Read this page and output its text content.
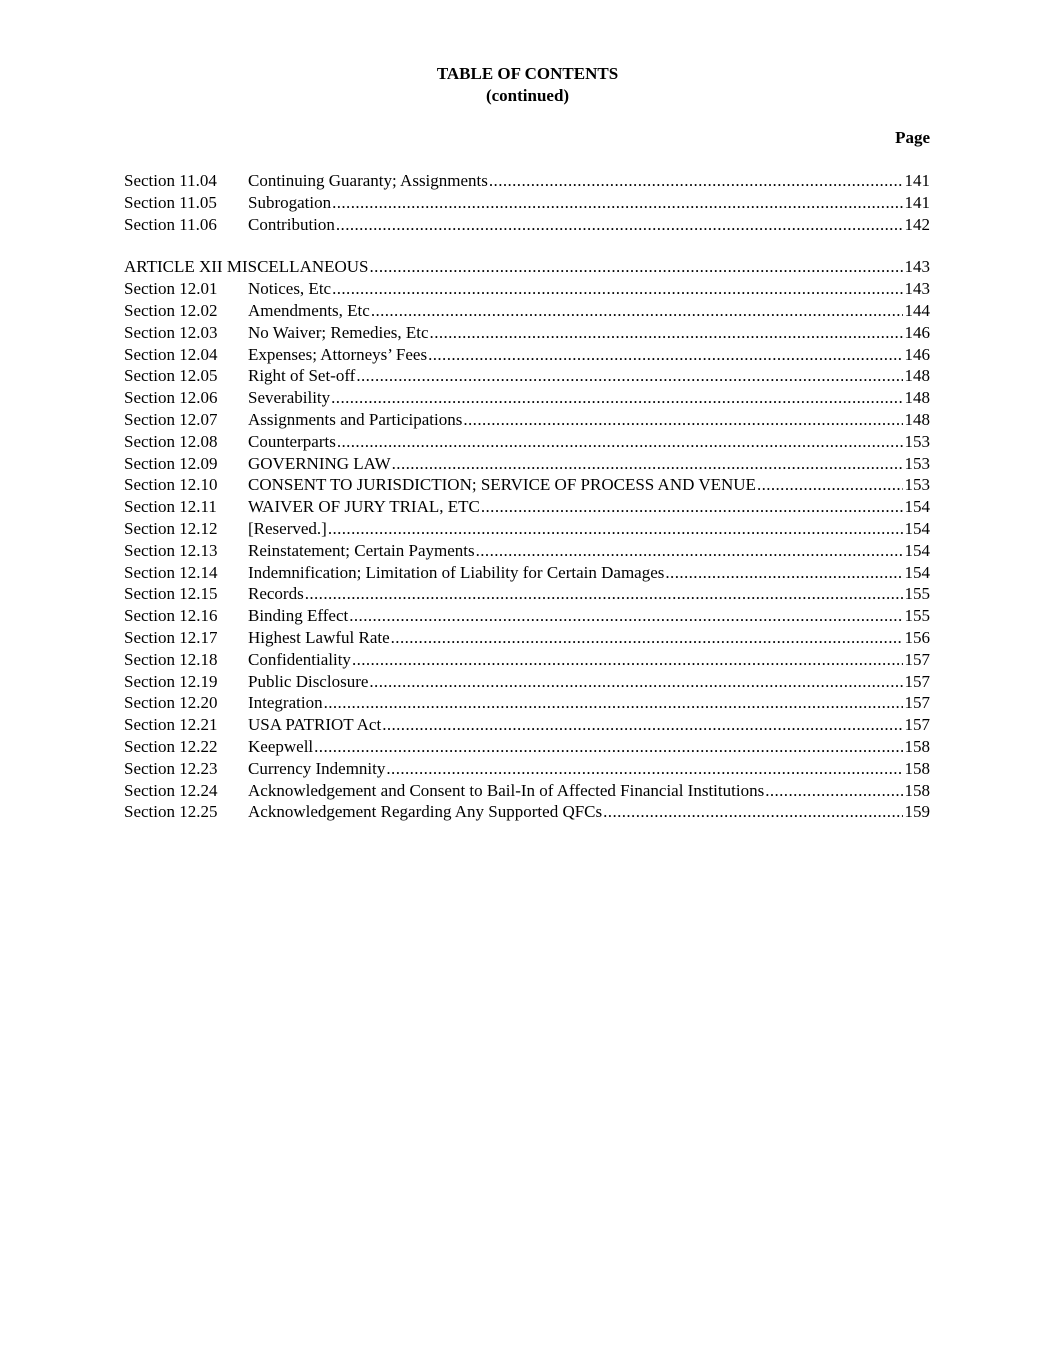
TABLE OF CONTENTS
(continued)
Page
Section 11.04	Continuing Guaranty; Assignments .....	141
Section 11.05	Subrogation .....	141
Section 11.06	Contribution .....	142
ARTICLE XII MISCELLANEOUS .....	143
Section 12.01	Notices, Etc .....	143
Section 12.02	Amendments, Etc .....	144
Section 12.03	No Waiver; Remedies, Etc .....	146
Section 12.04	Expenses; Attorneys’ Fees .....	146
Section 12.05	Right of Set-off .....	148
Section 12.06	Severability .....	148
Section 12.07	Assignments and Participations .....	148
Section 12.08	Counterparts .....	153
Section 12.09	GOVERNING LAW .....	153
Section 12.10	CONSENT TO JURISDICTION; SERVICE OF PROCESS AND VENUE .....	153
Section 12.11	WAIVER OF JURY TRIAL, ETC .....	154
Section 12.12	[Reserved.] .....	154
Section 12.13	Reinstatement; Certain Payments .....	154
Section 12.14	Indemnification; Limitation of Liability for Certain Damages .....	154
Section 12.15	Records .....	155
Section 12.16	Binding Effect .....	155
Section 12.17	Highest Lawful Rate .....	156
Section 12.18	Confidentiality .....	157
Section 12.19	Public Disclosure .....	157
Section 12.20	Integration .....	157
Section 12.21	USA PATRIOT Act .....	157
Section 12.22	Keepwell .....	158
Section 12.23	Currency Indemnity .....	158
Section 12.24	Acknowledgement and Consent to Bail-In of Affected Financial Institutions .....	158
Section 12.25	Acknowledgement Regarding Any Supported QFCs .....	159
